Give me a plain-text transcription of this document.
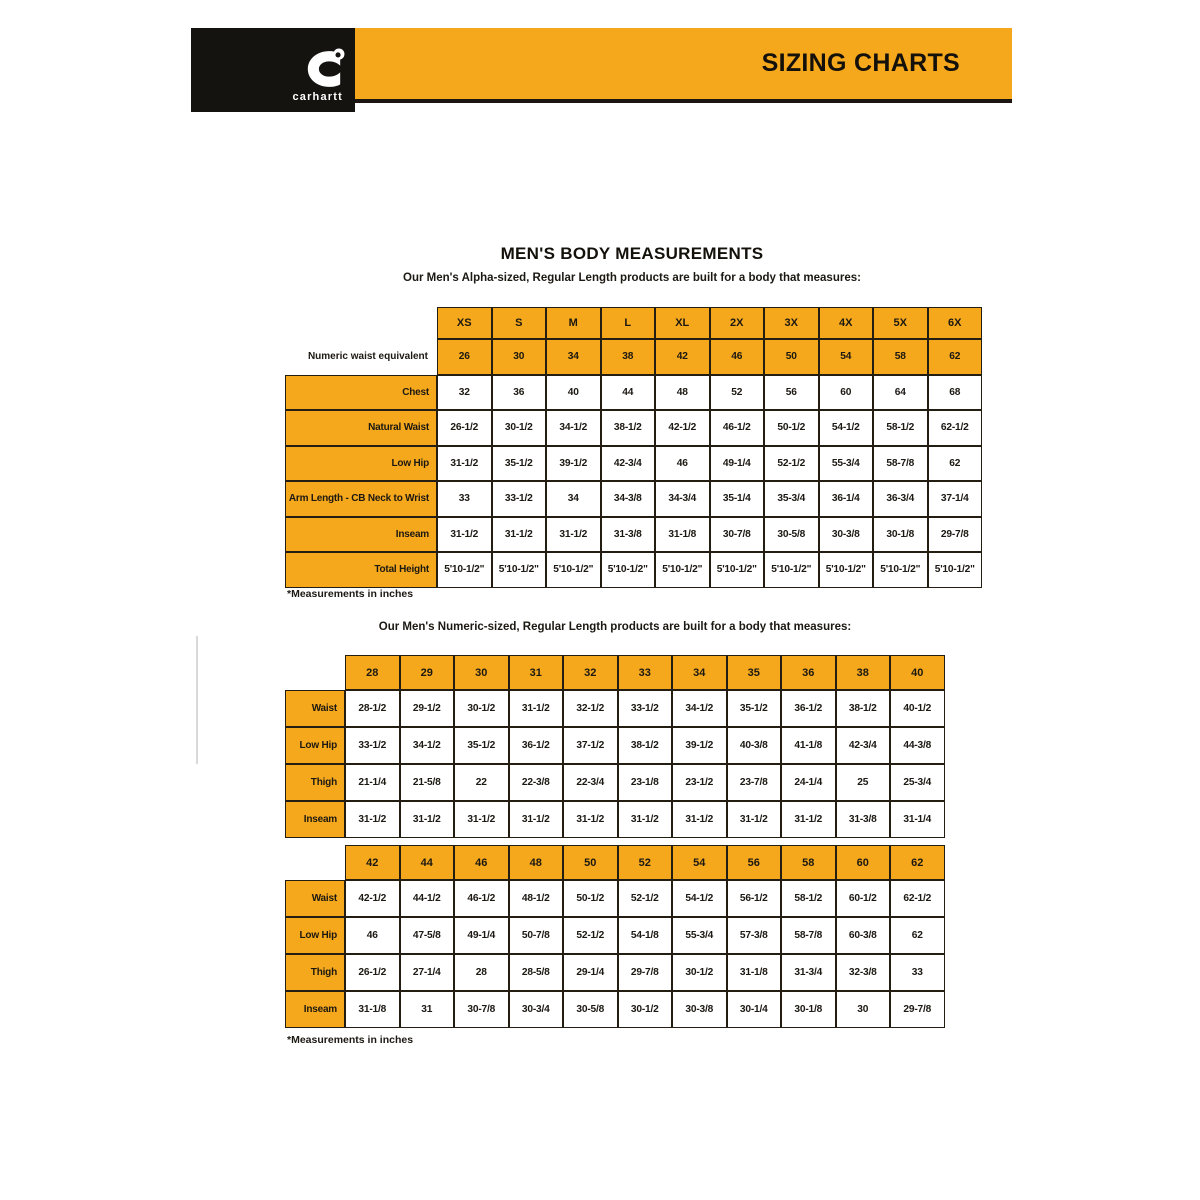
carhartt
SIZING CHARTS
MEN'S BODY MEASUREMENTS
Our Men's Alpha-sized, Regular Length products are built for a body that measures:
XS	S	M	L	XL	2X	3X	4X	5X	6X
Numeric waist equivalent	26	30	34	38	42	46	50	54	58	62
Chest	32	36	40	44	48	52	56	60	64	68
Natural Waist	26-1/2	30-1/2	34-1/2	38-1/2	42-1/2	46-1/2	50-1/2	54-1/2	58-1/2	62-1/2
Low Hip	31-1/2	35-1/2	39-1/2	42-3/4	46	49-1/4	52-1/2	55-3/4	58-7/8	62
Arm Length - CB Neck to Wrist	33	33-1/2	34	34-3/8	34-3/4	35-1/4	35-3/4	36-1/4	36-3/4	37-1/4
Inseam	31-1/2	31-1/2	31-1/2	31-3/8	31-1/8	30-7/8	30-5/8	30-3/8	30-1/8	29-7/8
Total Height	5'10-1/2"	5'10-1/2"	5'10-1/2"	5'10-1/2"	5'10-1/2"	5'10-1/2"	5'10-1/2"	5'10-1/2"	5'10-1/2"	5'10-1/2"
*Measurements in inches
Our Men's Numeric-sized, Regular Length products are built for a body that measures:
28	29	30	31	32	33	34	35	36	38	40
Waist	28-1/2	29-1/2	30-1/2	31-1/2	32-1/2	33-1/2	34-1/2	35-1/2	36-1/2	38-1/2	40-1/2
Low Hip	33-1/2	34-1/2	35-1/2	36-1/2	37-1/2	38-1/2	39-1/2	40-3/8	41-1/8	42-3/4	44-3/8
Thigh	21-1/4	21-5/8	22	22-3/8	22-3/4	23-1/8	23-1/2	23-7/8	24-1/4	25	25-3/4
Inseam	31-1/2	31-1/2	31-1/2	31-1/2	31-1/2	31-1/2	31-1/2	31-1/2	31-1/2	31-3/8	31-1/4
42	44	46	48	50	52	54	56	58	60	62
Waist	42-1/2	44-1/2	46-1/2	48-1/2	50-1/2	52-1/2	54-1/2	56-1/2	58-1/2	60-1/2	62-1/2
Low Hip	46	47-5/8	49-1/4	50-7/8	52-1/2	54-1/8	55-3/4	57-3/8	58-7/8	60-3/8	62
Thigh	26-1/2	27-1/4	28	28-5/8	29-1/4	29-7/8	30-1/2	31-1/8	31-3/4	32-3/8	33
Inseam	31-1/8	31	30-7/8	30-3/4	30-5/8	30-1/2	30-3/8	30-1/4	30-1/8	30	29-7/8
*Measurements in inches
